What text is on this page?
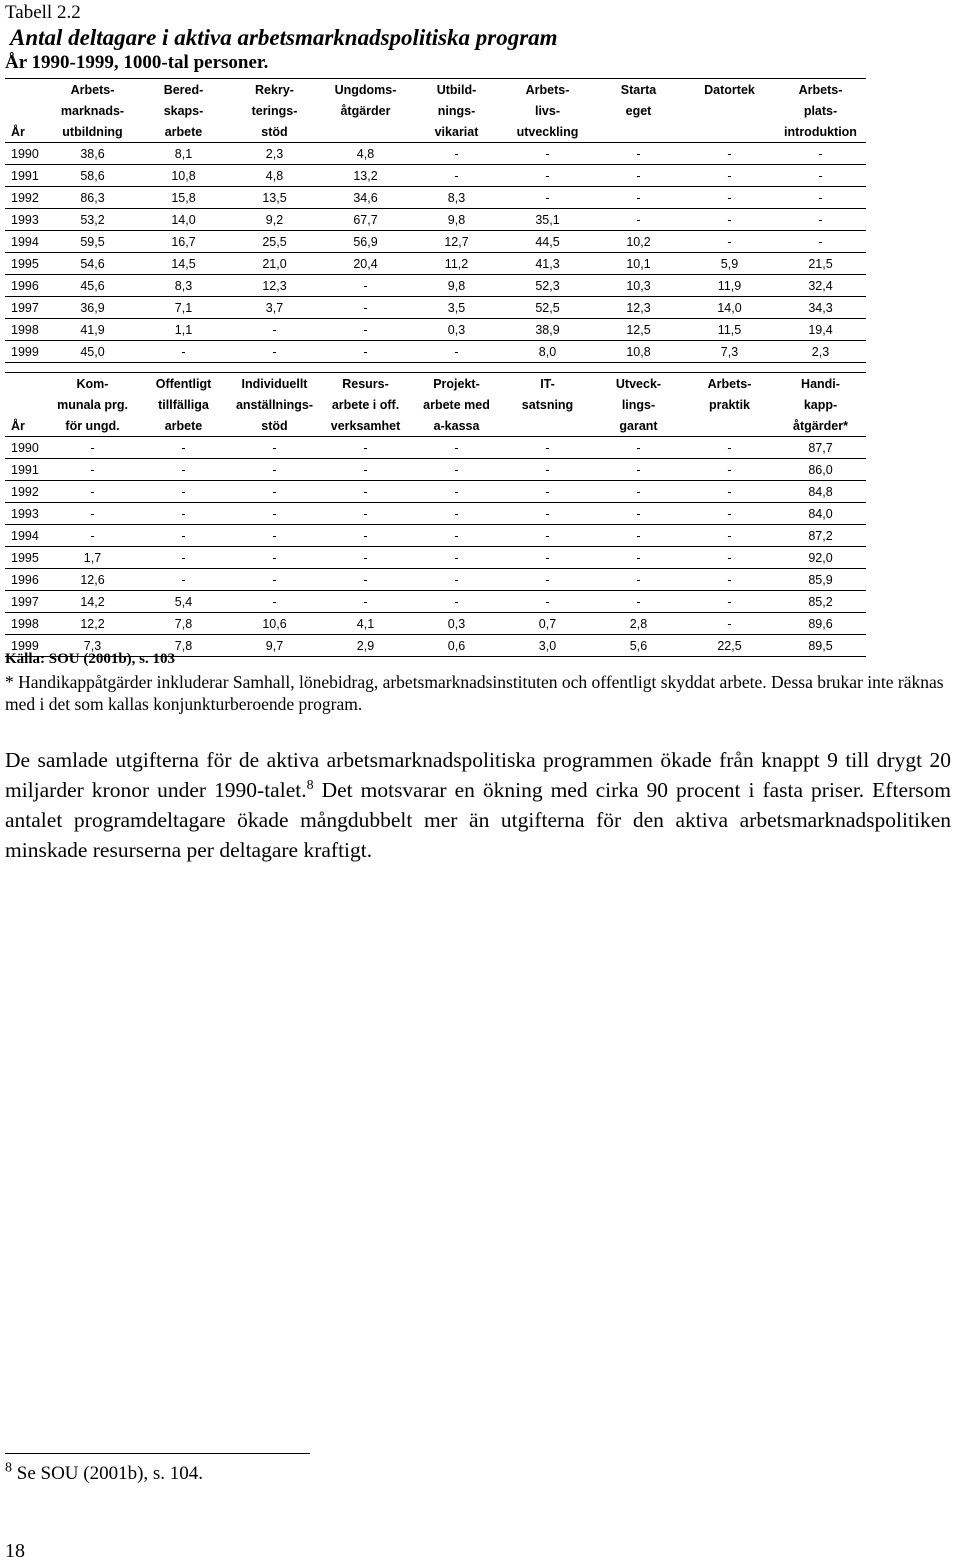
Tabell 2.2
Antal deltagare i aktiva arbetsmarknadspolitiska program
År 1990-1999, 1000-tal personer.
	Arbets-	Bered-	Rekry-	Ungdoms-	Utbild-	Arbets-	Starta	Datortek	Arbets-
	marknads-	skaps-	terings-	åtgärder	nings-	livs-	eget		plats-
År	utbildning	arbete	stöd		vikariat	utveckling			introduktion
1990	38,6	8,1	2,3	4,8	-	-	-	-	-
1991	58,6	10,8	4,8	13,2	-	-	-	-	-
1992	86,3	15,8	13,5	34,6	8,3	-	-	-	-
1993	53,2	14,0	9,2	67,7	9,8	35,1	-	-	-
1994	59,5	16,7	25,5	56,9	12,7	44,5	10,2	-	-
1995	54,6	14,5	21,0	20,4	11,2	41,3	10,1	5,9	21,5
1996	45,6	8,3	12,3	-	9,8	52,3	10,3	11,9	32,4
1997	36,9	7,1	3,7	-	3,5	52,5	12,3	14,0	34,3
1998	41,9	1,1	-	-	0,3	38,9	12,5	11,5	19,4
1999	45,0	-	-	-	-	8,0	10,8	7,3	2,3
	Kom-	Offentligt	Individuellt	Resurs-	Projekt-	IT-	Utveck-	Arbets-	Handi-
	munala prg.	tillfälliga	anställnings-	arbete i off.	arbete med	satsning	lings-	praktik	kapp-
År	för ungd.	arbete	stöd	verksamhet	a-kassa		garant		åtgärder*
1990	-	-	-	-	-	-	-	-	87,7
1991	-	-	-	-	-	-	-	-	86,0
1992	-	-	-	-	-	-	-	-	84,8
1993	-	-	-	-	-	-	-	-	84,0
1994	-	-	-	-	-	-	-	-	87,2
1995	1,7	-	-	-	-	-	-	-	92,0
1996	12,6	-	-	-	-	-	-	-	85,9
1997	14,2	5,4	-	-	-	-	-	-	85,2
1998	12,2	7,8	10,6	4,1	0,3	0,7	2,8	-	89,6
1999	7,3	7,8	9,7	2,9	0,6	3,0	5,6	22,5	89,5
Källa: SOU (2001b), s. 103
* Handikappåtgärder inkluderar Samhall, lönebidrag, arbetsmarknadsinstituten och offentligt skyddat arbete. Dessa brukar inte räknas med i det som kallas konjunkturberoende program.
De samlade utgifterna för de aktiva arbetsmarknadspolitiska programmen ökade från knappt 9 till drygt 20 miljarder kronor under 1990-talet.$^8$ Det motsvarar en ökning med cirka 90 procent i fasta priser. Eftersom antalet programdeltagare ökade mångdubbelt mer än utgifterna för den aktiva arbetsmarknadspolitiken minskade resurserna per deltagare kraftigt.
$^8$ Se SOU (2001b), s. 104.
18
